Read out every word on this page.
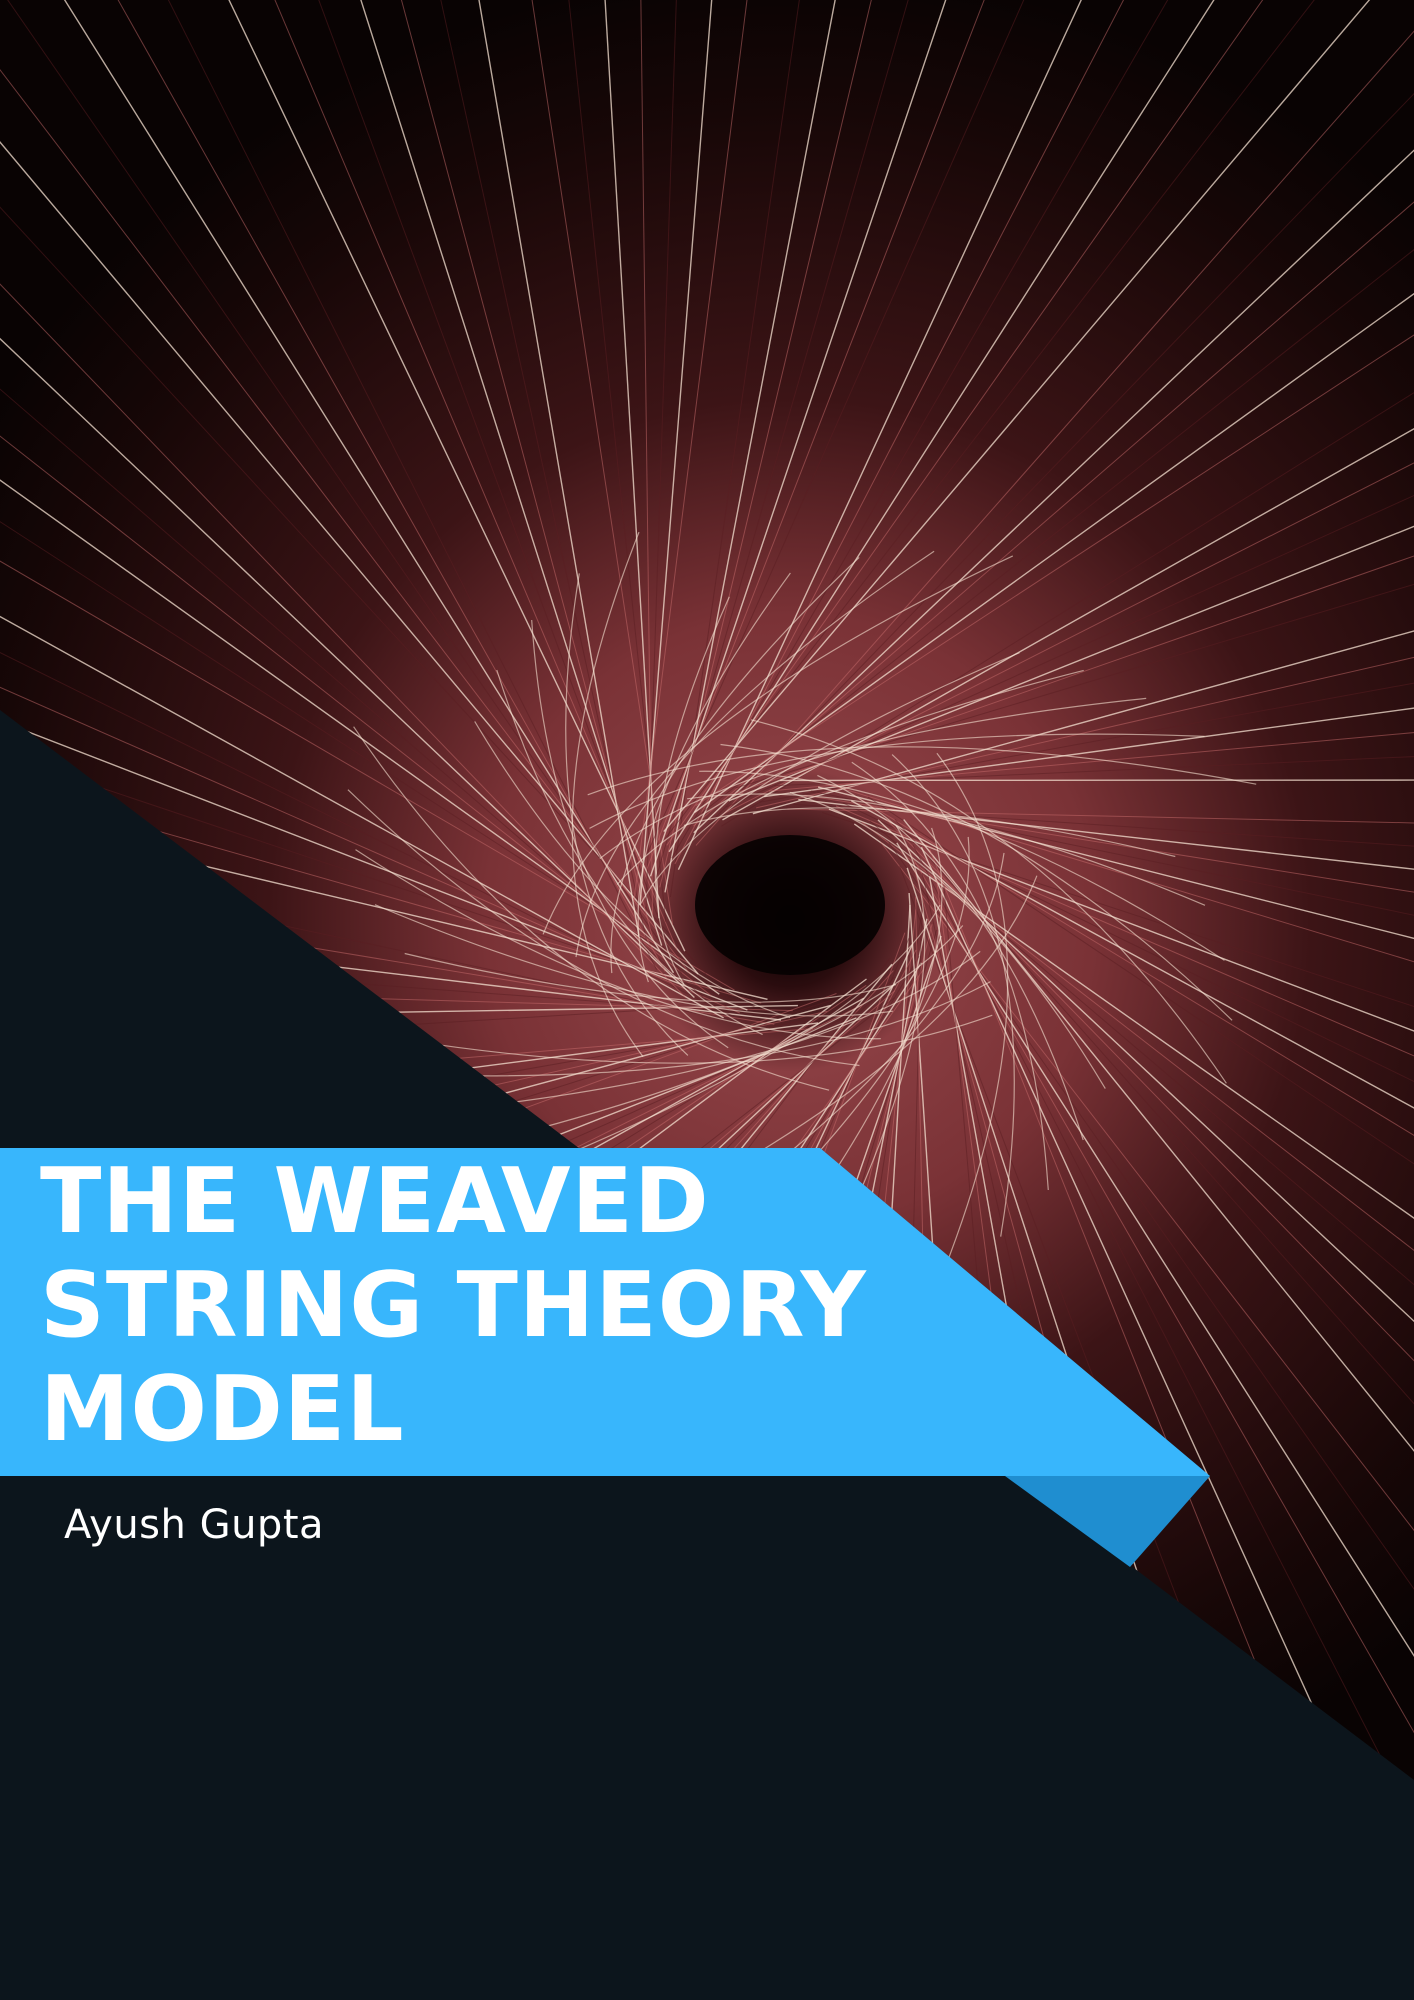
THE WEAVED
STRING THEORY
MODEL
Ayush Gupta
